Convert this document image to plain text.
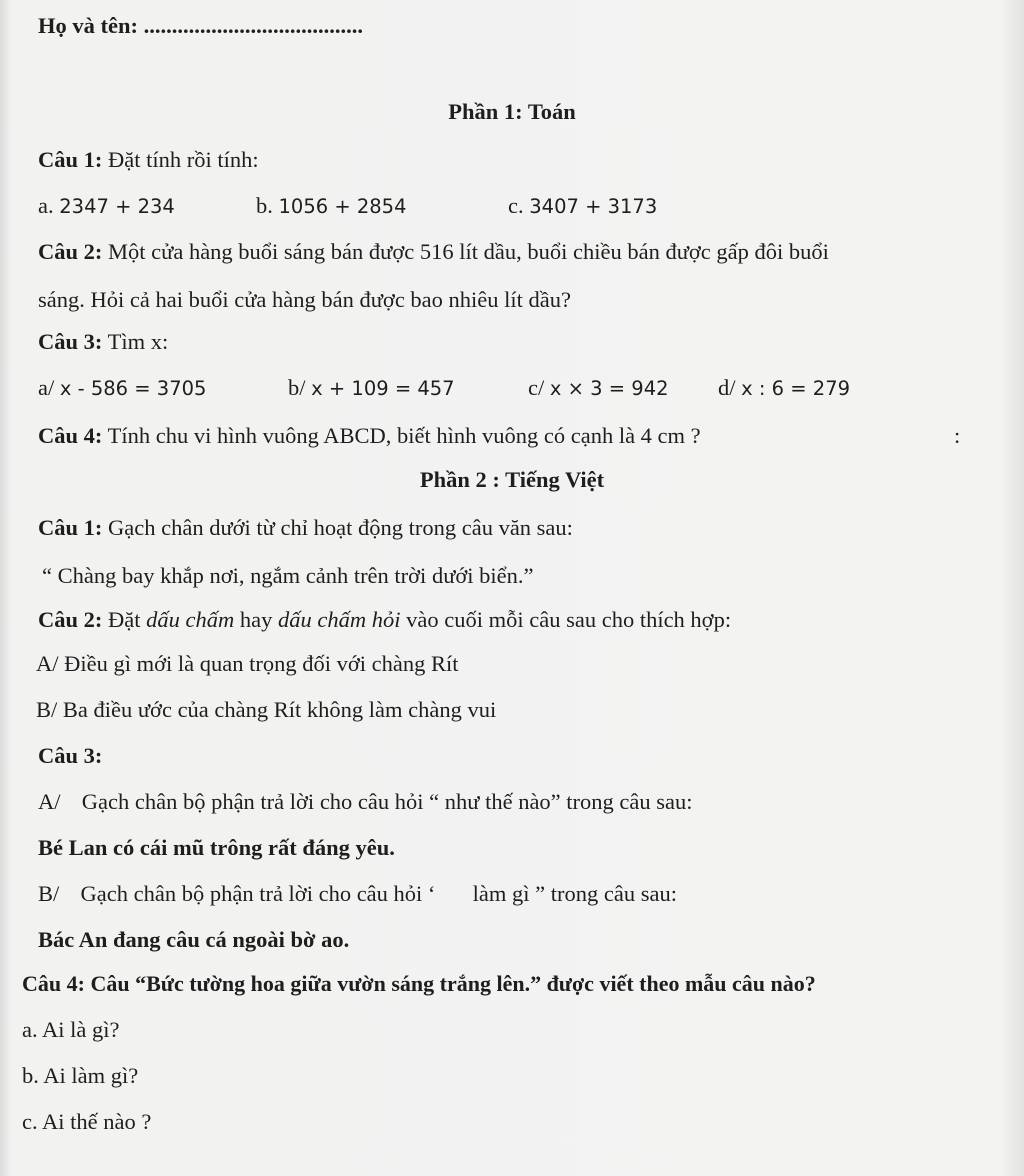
Họ và tên: .......................................
Phần 1: Toán
Câu 1: Đặt tính rồi tính:
a. 2347 + 234	b. 1056 + 2854	c. 3407 + 3173
Câu 2: Một cửa hàng buổi sáng bán được 516 lít dầu, buổi chiều bán được gấp đôi buổi
sáng. Hỏi cả hai buổi cửa hàng bán được bao nhiêu lít dầu?
Câu 3: Tìm x:
a/ x - 586 = 3705	b/ x + 109 = 457	c/ x × 3 = 942 d/ x : 6 = 279
Câu 4: Tính chu vi hình vuông ABCD, biết hình vuông có cạnh là 4 cm ?	:
Phần 2 : Tiếng Việt
Câu 1: Gạch chân dưới từ chỉ hoạt động trong câu văn sau:
“ Chàng bay khắp nơi, ngắm cảnh trên trời dưới biển.”
Câu 2: Đặt dấu chấm hay dấu chấm hỏi vào cuối mỗi câu sau cho thích hợp:
A/ Điều gì mới là quan trọng đối với chàng Rít
B/ Ba điều ước của chàng Rít không làm chàng vui
Câu 3:
A/ Gạch chân bộ phận trả lời cho câu hỏi “ như thế nào” trong câu sau:
Bé Lan có cái mũ trông rất đáng yêu.
B/ Gạch chân bộ phận trả lời cho câu hỏi ‘ làm gì ” trong câu sau:
Bác An đang câu cá ngoài bờ ao.
Câu 4: Câu “Bức tường hoa giữa vườn sáng trắng lên.” được viết theo mẫu câu nào?
a. Ai là gì?
b. Ai làm gì?
c. Ai thế nào ?
